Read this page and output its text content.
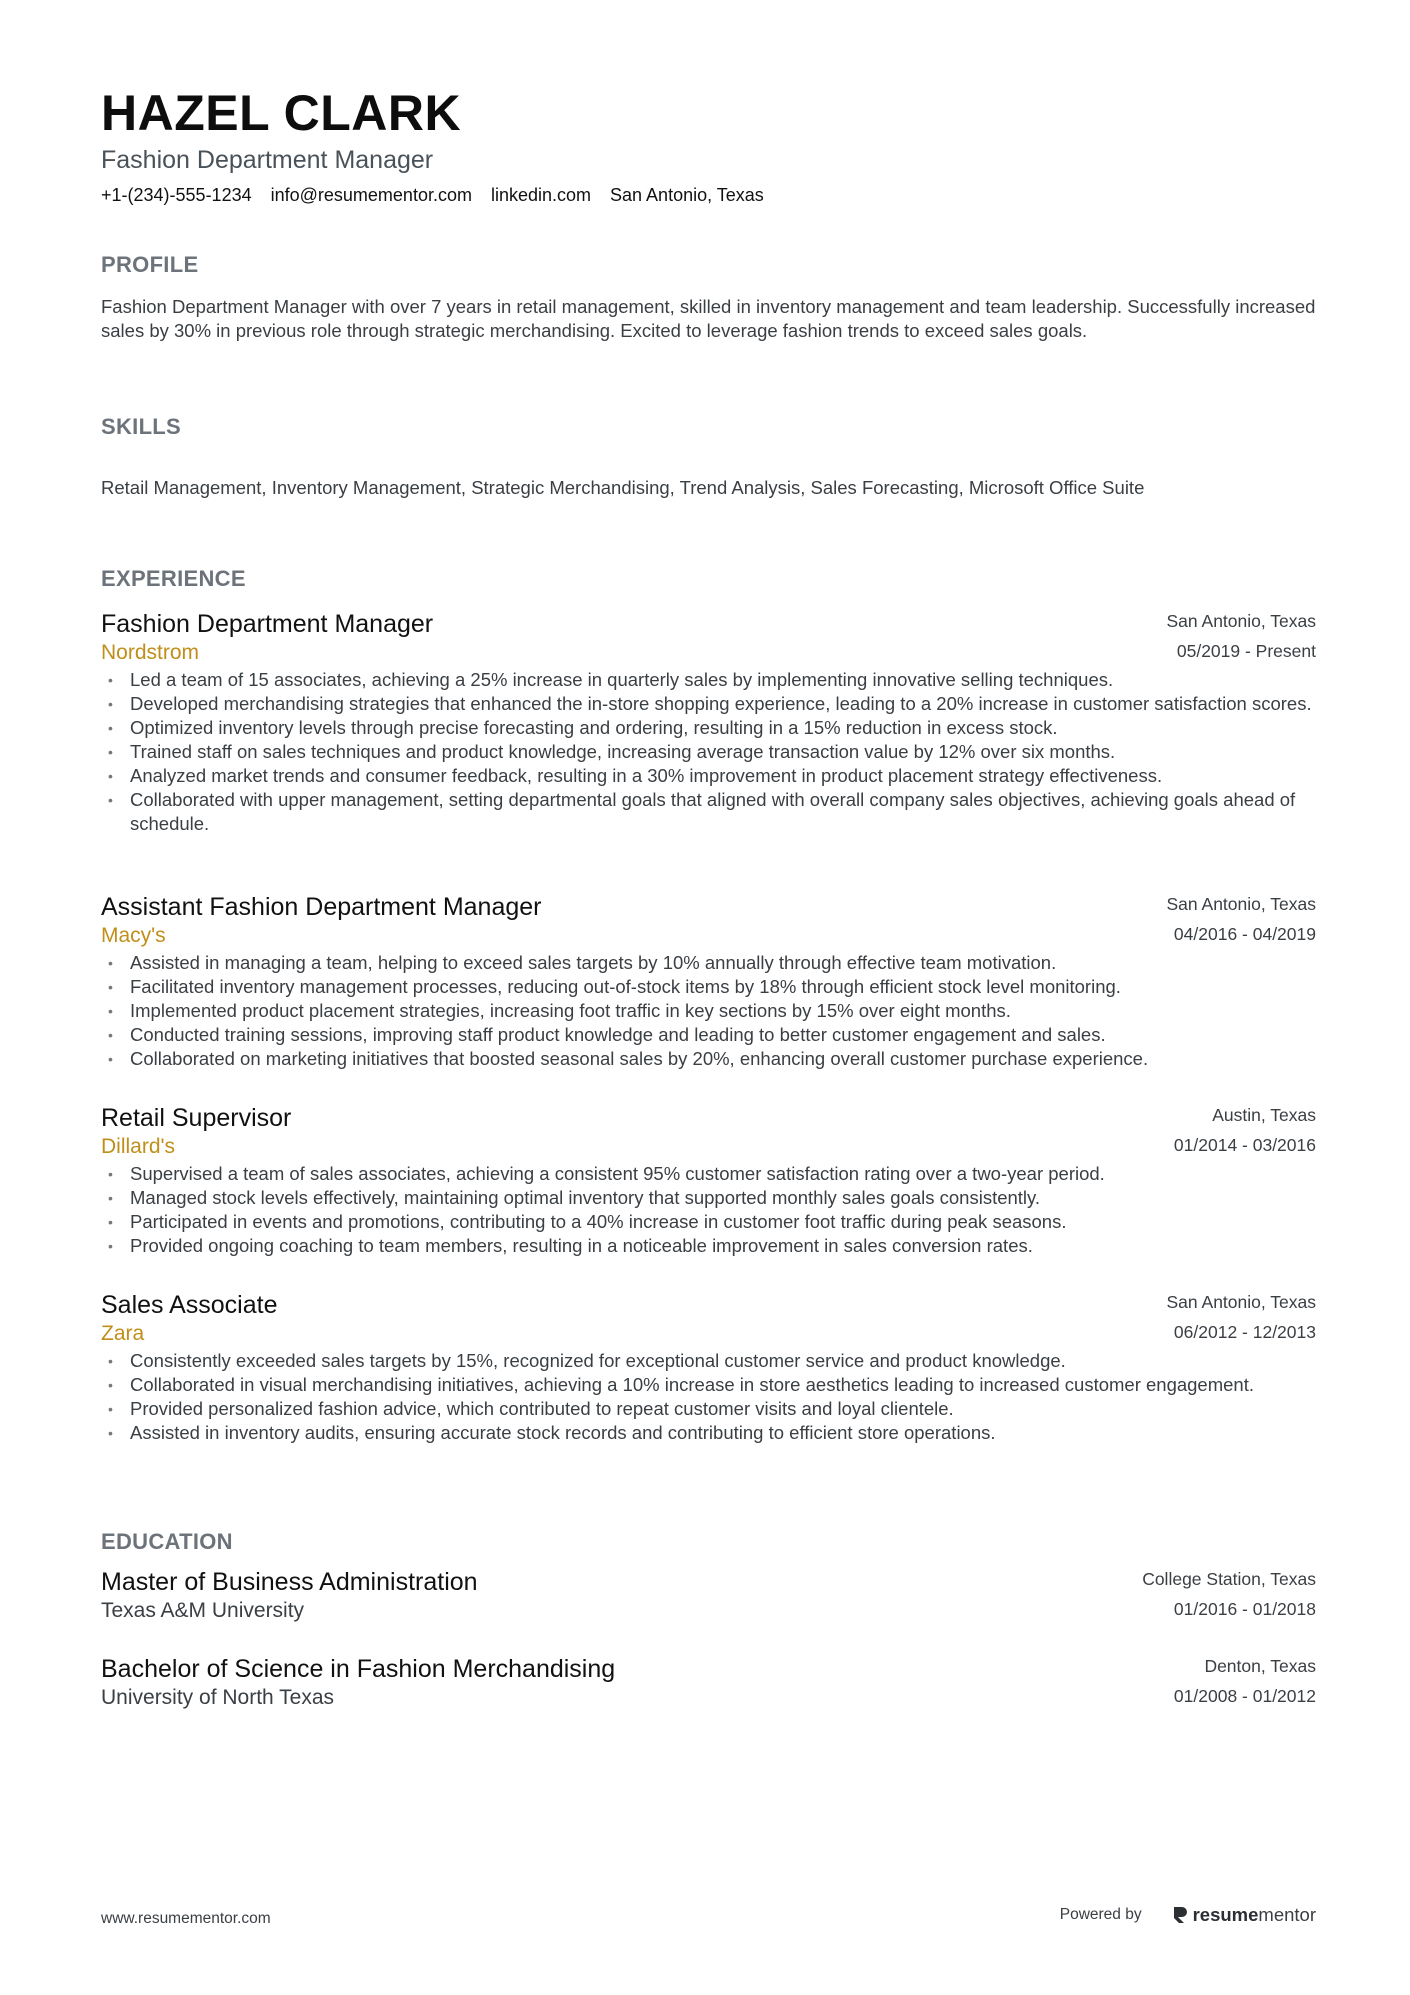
HAZEL CLARK
Fashion Department Manager
+1-(234)-555-1234 info@resumementor.com linkedin.com San Antonio, Texas
PROFILE

Fashion Department Manager with over 7 years in retail management, skilled in inventory management and team leadership. Successfully increased sales by 30% in previous role through strategic merchandising. Excited to leverage fashion trends to exceed sales goals.

SKILLS

Retail Management, Inventory Management, Strategic Merchandising, Trend Analysis, Sales Forecasting, Microsoft Office Suite

EXPERIENCE
Fashion Department Manager
Nordstrom
San Antonio, Texas
05/2019 - Present
• Led a team of 15 associates, achieving a 25% increase in quarterly sales by implementing innovative selling techniques.
• Developed merchandising strategies that enhanced the in-store shopping experience, leading to a 20% increase in customer satisfaction scores.
• Optimized inventory levels through precise forecasting and ordering, resulting in a 15% reduction in excess stock.
• Trained staff on sales techniques and product knowledge, increasing average transaction value by 12% over six months.
• Analyzed market trends and consumer feedback, resulting in a 30% improvement in product placement strategy effectiveness.
• Collaborated with upper management, setting departmental goals that aligned with overall company sales objectives, achieving goals ahead of schedule.
Assistant Fashion Department Manager
Macy's
San Antonio, Texas
04/2016 - 04/2019
• Assisted in managing a team, helping to exceed sales targets by 10% annually through effective team motivation.
• Facilitated inventory management processes, reducing out-of-stock items by 18% through efficient stock level monitoring.
• Implemented product placement strategies, increasing foot traffic in key sections by 15% over eight months.
• Conducted training sessions, improving staff product knowledge and leading to better customer engagement and sales.
• Collaborated on marketing initiatives that boosted seasonal sales by 20%, enhancing overall customer purchase experience.
Retail Supervisor
Dillard's
Austin, Texas
01/2014 - 03/2016
• Supervised a team of sales associates, achieving a consistent 95% customer satisfaction rating over a two-year period.
• Managed stock levels effectively, maintaining optimal inventory that supported monthly sales goals consistently.
• Participated in events and promotions, contributing to a 40% increase in customer foot traffic during peak seasons.
• Provided ongoing coaching to team members, resulting in a noticeable improvement in sales conversion rates.
Sales Associate
Zara
San Antonio, Texas
06/2012 - 12/2013
• Consistently exceeded sales targets by 15%, recognized for exceptional customer service and product knowledge.
• Collaborated in visual merchandising initiatives, achieving a 10% increase in store aesthetics leading to increased customer engagement.
• Provided personalized fashion advice, which contributed to repeat customer visits and loyal clientele.
• Assisted in inventory audits, ensuring accurate stock records and contributing to efficient store operations.
EDUCATION
Master of Business Administration
Texas A&M University
College Station, Texas
01/2016 - 01/2018
Bachelor of Science in Fashion Merchandising
University of North Texas
Denton, Texas
01/2008 - 01/2012
www.resumementor.com	Powered by	resumementor
